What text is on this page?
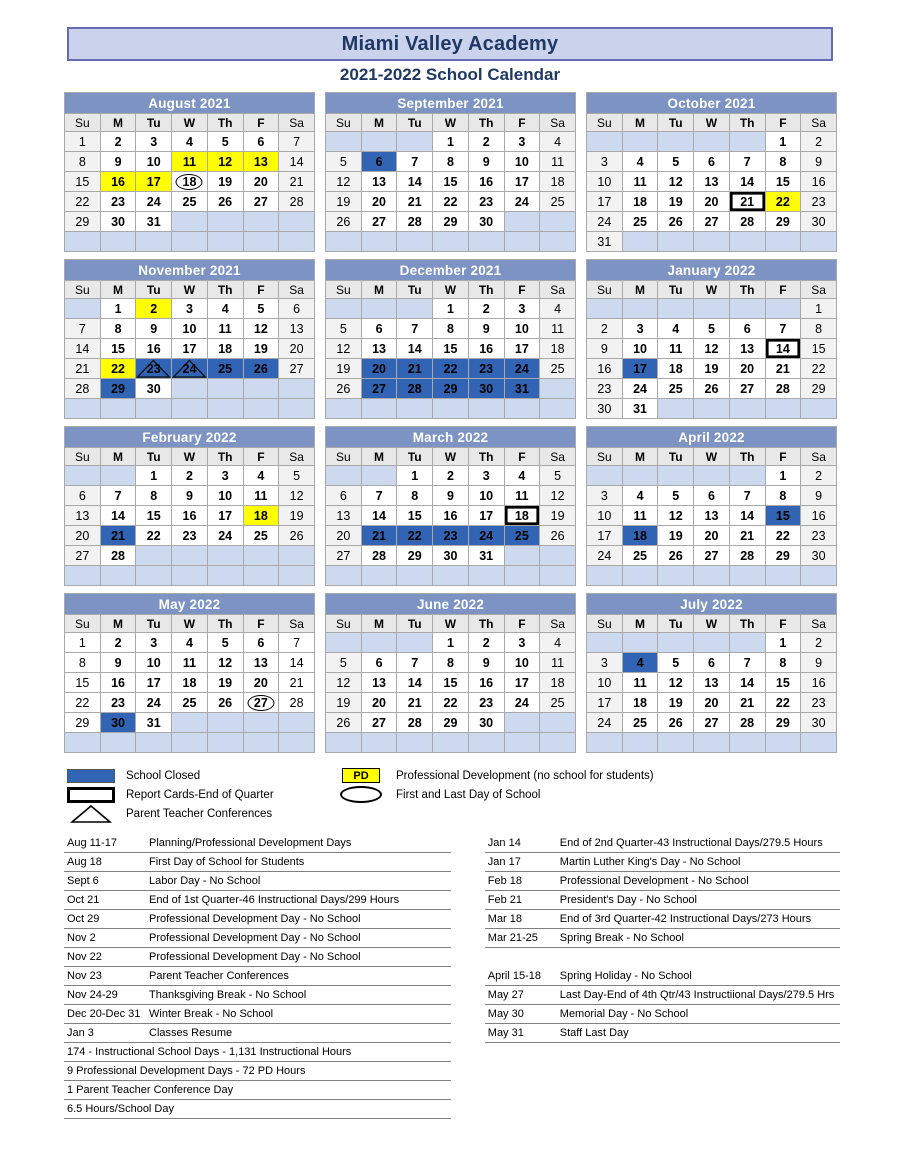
Miami Valley Academy
2021-2022 School Calendar
August 2021						
Su	M	Tu	W	Th	F	Sa
1	2	3	4	5	6	7
8	9	10	11	12	13	14
15	16	17	18	19	20	21
22	23	24	25	26	27	28
29	30	31				

September 2021						
Su	M	Tu	W	Th	F	Sa
			1	2	3	4
5	6	7	8	9	10	11
12	13	14	15	16	17	18
19	20	21	22	23	24	25
26	27	28	29	30		

October 2021						
Su	M	Tu	W	Th	F	Sa
					1	2
3	4	5	6	7	8	9
10	11	12	13	14	15	16
17	18	19	20	21	22	23
24	25	26	27	28	29	30
31						
November 2021						
Su	M	Tu	W	Th	F	Sa
	1	2	3	4	5	6
7	8	9	10	11	12	13
14	15	16	17	18	19	20
21	22	23	24	25	26	27
28	29	30				

December 2021						
Su	M	Tu	W	Th	F	Sa
			1	2	3	4
5	6	7	8	9	10	11
12	13	14	15	16	17	18
19	20	21	22	23	24	25
26	27	28	29	30	31	

January 2022						
Su	M	Tu	W	Th	F	Sa
						1
2	3	4	5	6	7	8
9	10	11	12	13	14	15
16	17	18	19	20	21	22
23	24	25	26	27	28	29
30	31					
February 2022						
Su	M	Tu	W	Th	F	Sa
		1	2	3	4	5
6	7	8	9	10	11	12
13	14	15	16	17	18	19
20	21	22	23	24	25	26
27	28					

March 2022						
Su	M	Tu	W	Th	F	Sa
		1	2	3	4	5
6	7	8	9	10	11	12
13	14	15	16	17	18	19
20	21	22	23	24	25	26
27	28	29	30	31		

April 2022						
Su	M	Tu	W	Th	F	Sa
					1	2
3	4	5	6	7	8	9
10	11	12	13	14	15	16
17	18	19	20	21	22	23
24	25	26	27	28	29	30

May 2022						
Su	M	Tu	W	Th	F	Sa
1	2	3	4	5	6	7
8	9	10	11	12	13	14
15	16	17	18	19	20	21
22	23	24	25	26	27	28
29	30	31				

June 2022						
Su	M	Tu	W	Th	F	Sa
			1	2	3	4
5	6	7	8	9	10	11
12	13	14	15	16	17	18
19	20	21	22	23	24	25
26	27	28	29	30		

July 2022						
Su	M	Tu	W	Th	F	Sa
					1	2
3	4	5	6	7	8	9
10	11	12	13	14	15	16
17	18	19	20	21	22	23
24	25	26	27	28	29	30

School Closed
Report Cards-End of Quarter
Parent Teacher Conferences
PD	Professional Development (no school for students)
First and Last Day of School
Aug 11-17	Planning/Professional Development Days
Aug 18	First Day of School for Students
Sept 6	Labor Day - No School
Oct 21	End of 1st Quarter-46 Instructional Days/299 Hours
Oct 29	Professional Development Day - No School
Nov 2	Professional Development Day - No School
Nov 22	Professional Development Day - No School
Nov 23	Parent Teacher Conferences
Nov 24-29	Thanksgiving Break - No School
Dec 20-Dec 31 Winter Break - No School
Jan 3	Classes Resume
174 - Instructional School Days - 1,131 Instructional Hours
9 Professional Development Days - 72 PD Hours
1 Parent Teacher Conference Day
6.5 Hours/School Day
Jan 14	End of 2nd Quarter-43 Instructional Days/279.5 Hours
Jan 17	Martin Luther King's Day - No School
Feb 18	Professional Development - No School
Feb 21	President's Day - No School
Mar 18	End of 3rd Quarter-42 Instructional Days/273 Hours
Mar 21-25	Spring Break - No School
April 15-18	Spring Holiday - No School
May 27	Last Day-End of 4th Qtr/43 Instructiional Days/279.5 Hrs
May 30	Memorial Day - No School
May 31	Staff Last Day
